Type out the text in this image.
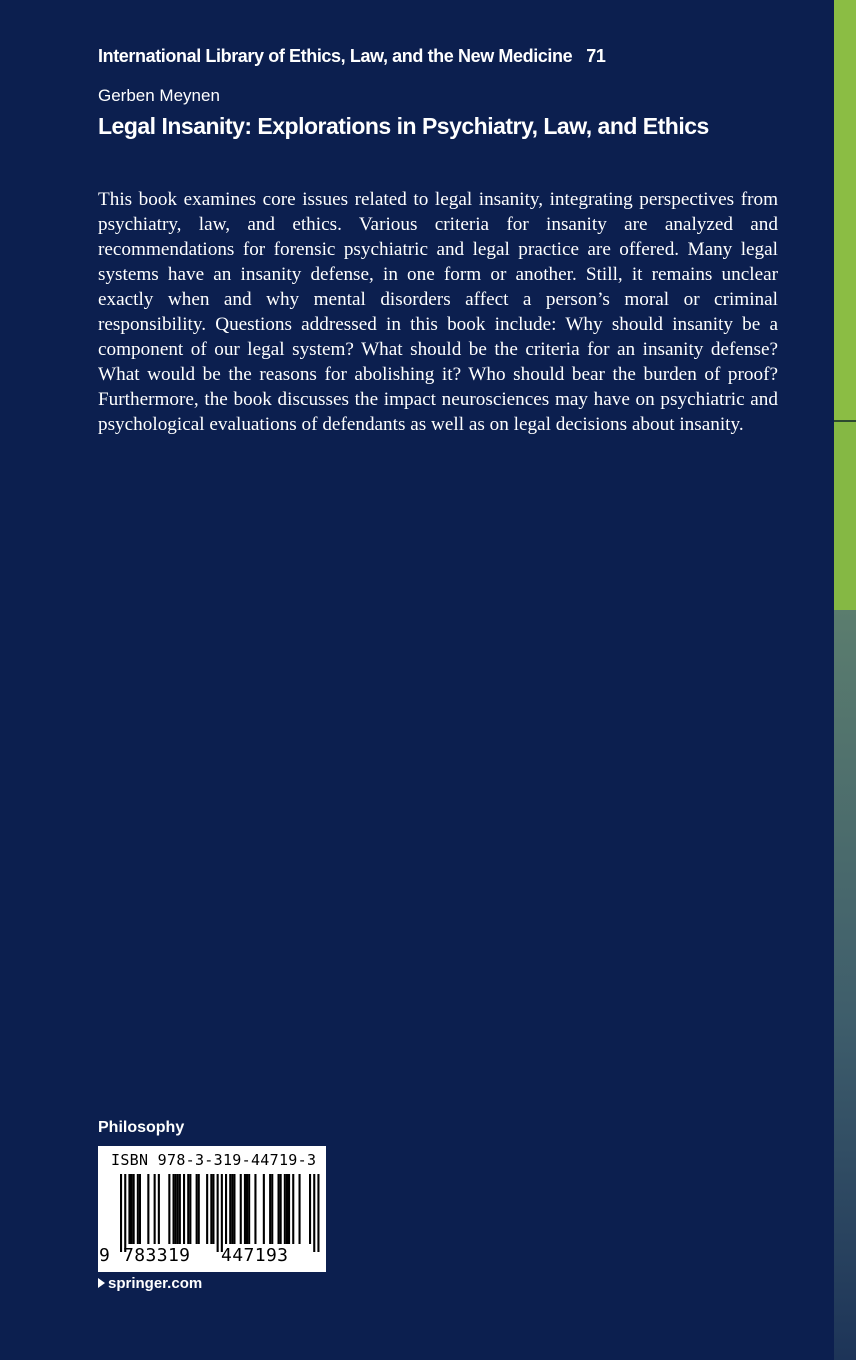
International Library of Ethics, Law, and the New Medicine 71
Gerben Meynen
Legal Insanity: Explorations in Psychiatry, Law, and Ethics

This book examines core issues related to legal insanity, integrating perspectives from psychiatry, law, and ethics. Various criteria for insanity are analyzed and recommendations for forensic psychiatric and legal practice are offered. Many legal systems have an insanity defense, in one form or another. Still, it remains unclear exactly when and why mental disorders affect a person’s moral or criminal responsibility. Questions addressed in this book include: Why should insanity be a component of our legal system? What should be the criteria for an insanity defense? What would be the reasons for abolishing it? Who should bear the burden of proof? Furthermore, the book discusses the impact neurosciences may have on psychiatric and psychological evaluations of defendants as well as on legal decisions about insanity.

Philosophy
ISBN 978-3-319-44719-3
9 783319 447193
springer.com
